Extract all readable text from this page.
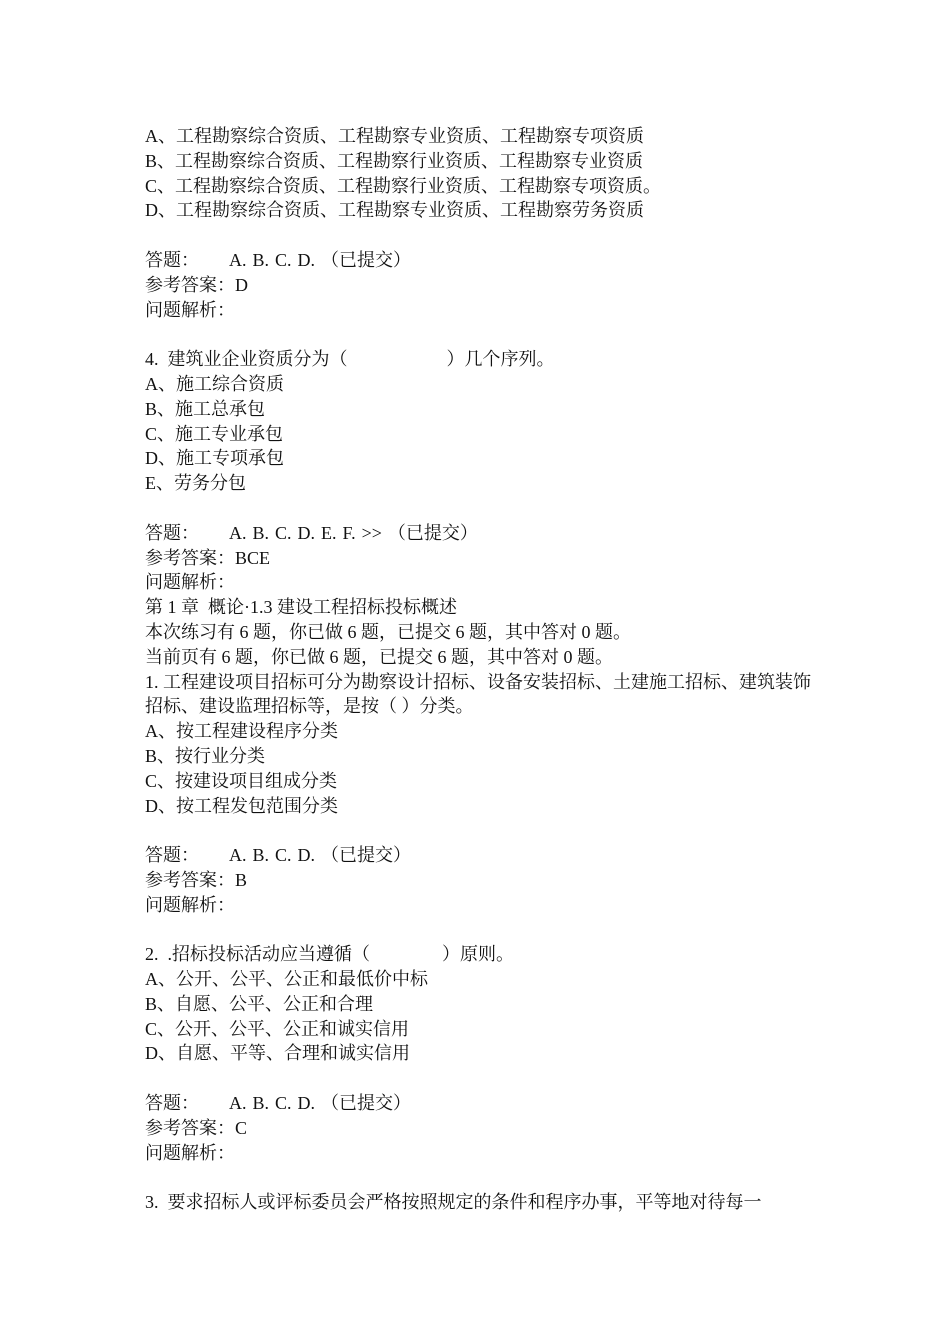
A、工程勘察综合资质、工程勘察专业资质、工程勘察专项资质
B、工程勘察综合资质、工程勘察行业资质、工程勘察专业资质
C、工程勘察综合资质、工程勘察行业资质、工程勘察专项资质。
D、工程勘察综合资质、工程勘察专业资质、工程勘察劳务资质
答题： A. B. C. D. （已提交）
参考答案：D
问题解析：
4.  建筑业企业资质分为（                      ）几个序列。
A、施工综合资质
B、施工总承包
C、施工专业承包
D、施工专项承包
E、劳务分包
答题： A. B. C. D. E. F. >> （已提交）
参考答案：BCE
问题解析：
第 1 章  概论·1.3 建设工程招标投标概述
本次练习有 6 题，你已做 6 题，已提交 6 题，其中答对 0 题。
当前页有 6 题，你已做 6 题，已提交 6 题，其中答对 0 题。
1. 工程建设项目招标可分为勘察设计招标、设备安装招标、土建施工招标、建筑装饰招标、建设监理招标等，是按（ ）分类。
A、按工程建设程序分类
B、按行业分类
C、按建设项目组成分类
D、按工程发包范围分类
答题： A. B. C. D. （已提交）
参考答案：B
问题解析：
2.  .招标投标活动应当遵循（                ）原则。
A、公开、公平、公正和最低价中标
B、自愿、公平、公正和合理
C、公开、公平、公正和诚实信用
D、自愿、平等、合理和诚实信用
答题： A. B. C. D. （已提交）
参考答案：C
问题解析：
3.  要求招标人或评标委员会严格按照规定的条件和程序办事，平等地对待每一
